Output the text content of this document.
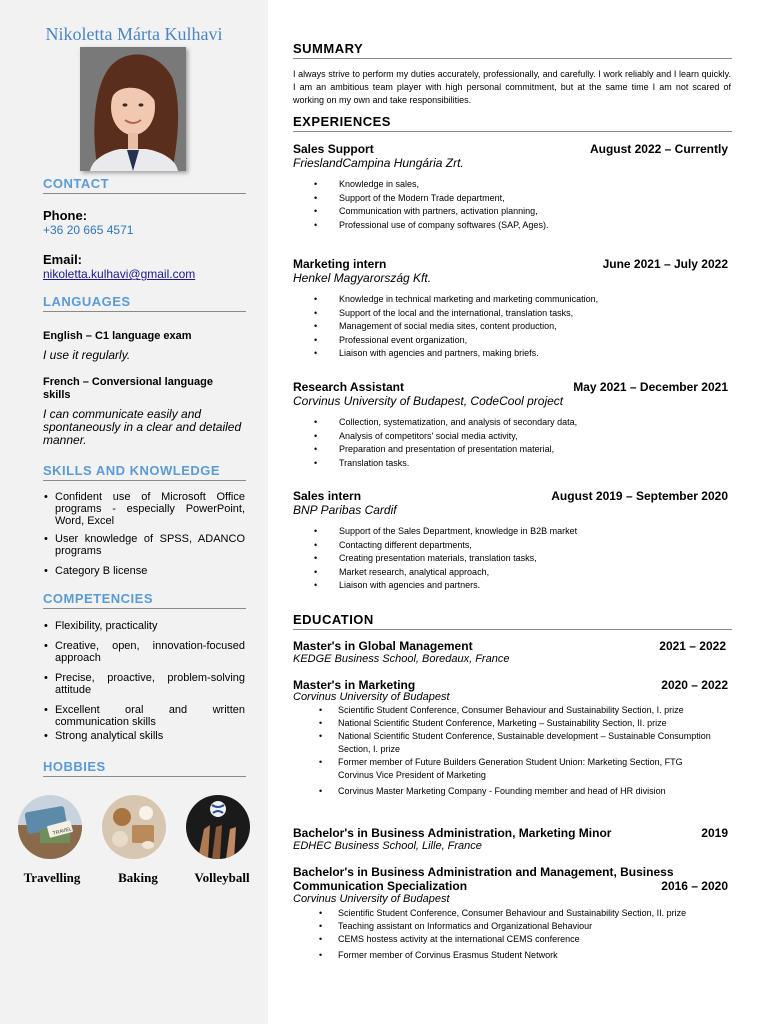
Nikoletta Márta Kulhavi
CONTACT
Phone:
+36 20 665 4571
Email:
nikoletta.kulhavi@gmail.com
LANGUAGES
English – C1 language exam
I use it regularly.
French – Conversional language skills
I can communicate easily and spontaneously in a clear and detailed manner.
SKILLS AND KNOWLEDGE
• Confident use of Microsoft Office programs - especially PowerPoint, Word, Excel
• User knowledge of SPSS, ADANCO programs
• Category B license
COMPETENCIES
• Flexibility, practicality
• Creative, open, innovation-focused approach
• Precise, proactive, problem-solving attitude
• Excellent oral and written communication skills
• Strong analytical skills
HOBBIES
TRAVEL
Travelling	Baking	Volleyball
SUMMARY
I always strive to perform my duties accurately, professionally, and carefully. I work reliably and I learn quickly. I am an ambitious team player with high personal commitment, but at the same time I am not scared of working on my own and take responsibilities.
EXPERIENCES
Sales Support	August 2022 – Currently
FrieslandCampina Hungária Zrt.
• Knowledge in sales,
• Support of the Modern Trade department,
• Communication with partners, activation planning,
• Professional use of company softwares (SAP, Ages).
Marketing intern	June 2021 – July 2022
Henkel Magyarország Kft.
• Knowledge in technical marketing and marketing communication,
• Support of the local and the international, translation tasks,
• Management of social media sites, content production,
• Professional event organization,
• Liaison with agencies and partners, making briefs.
Research Assistant	May 2021 – December 2021
Corvinus University of Budapest, CodeCool project
• Collection, systematization, and analysis of secondary data,
• Analysis of competitors' social media activity,
• Preparation and presentation of presentation material,
• Translation tasks.
Sales intern	August 2019 – September 2020
BNP Paribas Cardif
• Support of the Sales Department, knowledge in B2B market
• Contacting different departments,
• Creating presentation materials, translation tasks,
• Market research, analytical approach,
• Liaison with agencies and partners.
EDUCATION
Master's in Global Management	2021 – 2022
KEDGE Business School, Boredaux, France
Master's in Marketing	2020 – 2022
Corvinus University of Budapest
• Scientific Student Conference, Consumer Behaviour and Sustainability Section, I. prize
• National Scientific Student Conference, Marketing – Sustainability Section, II. prize
• National Scientific Student Conference, Sustainable development – Sustainable Consumption Section, I. prize
• Former member of Future Builders Generation Student Union: Marketing Section, FTG Corvinus Vice President of Marketing
• Corvinus Master Marketing Company - Founding member and head of HR division
Bachelor's in Business Administration, Marketing Minor	2019
EDHEC Business School, Lille, France
Bachelor's in Business Administration and Management, Business
Communication Specialization	2016 – 2020
Corvinus University of Budapest
• Scientific Student Conference, Consumer Behaviour and Sustainability Section, II. prize
• Teaching assistant on Informatics and Organizational Behaviour
• CEMS hostess activity at the international CEMS conference
• Former member of Corvinus Erasmus Student Network
